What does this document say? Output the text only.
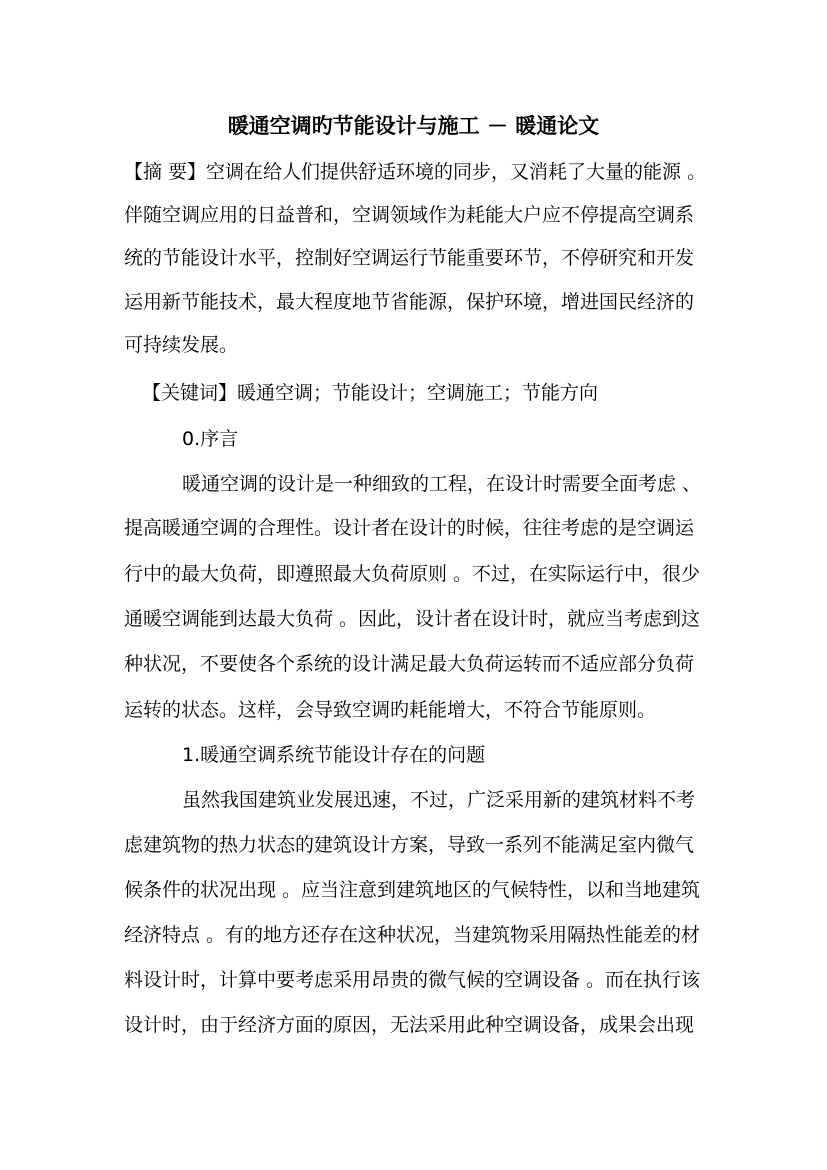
暖通空调旳节能设计与施工 － 暖通论文
【摘 要】空调在给人们提供舒适环境的同步，又消耗了大量的能源 。
伴随空调应用的日益普和，空调领域作为耗能大户应不停提高空调系
统的节能设计水平，控制好空调运行节能重要环节，不停研究和开发
运用新节能技术，最大程度地节省能源，保护环境，增进国民经济的
可持续发展。
【关键词】暖通空调；节能设计；空调施工；节能方向
0.序言
暖通空调的设计是一种细致的工程，在设计时需要全面考虑 、
提高暖通空调的合理性。设计者在设计的时候，往往考虑的是空调运
行中的最大负荷，即遵照最大负荷原则 。不过，在实际运行中，很少
通暖空调能到达最大负荷 。因此，设计者在设计时，就应当考虑到这
种状况，不要使各个系统的设计满足最大负荷运转而不适应部分负荷
运转的状态。这样，会导致空调旳耗能增大，不符合节能原则。
1.暖通空调系统节能设计存在的问题
虽然我国建筑业发展迅速，不过，广泛采用新的建筑材料不考
虑建筑物的热力状态的建筑设计方案，导致一系列不能满足室内微气
候条件的状况出现 。应当注意到建筑地区的气候特性，以和当地建筑
经济特点 。有的地方还存在这种状况，当建筑物采用隔热性能差的材
料设计时，计算中要考虑采用昂贵的微气候的空调设备 。而在执行该
设计时，由于经济方面的原因，无法采用此种空调设备，成果会出现
